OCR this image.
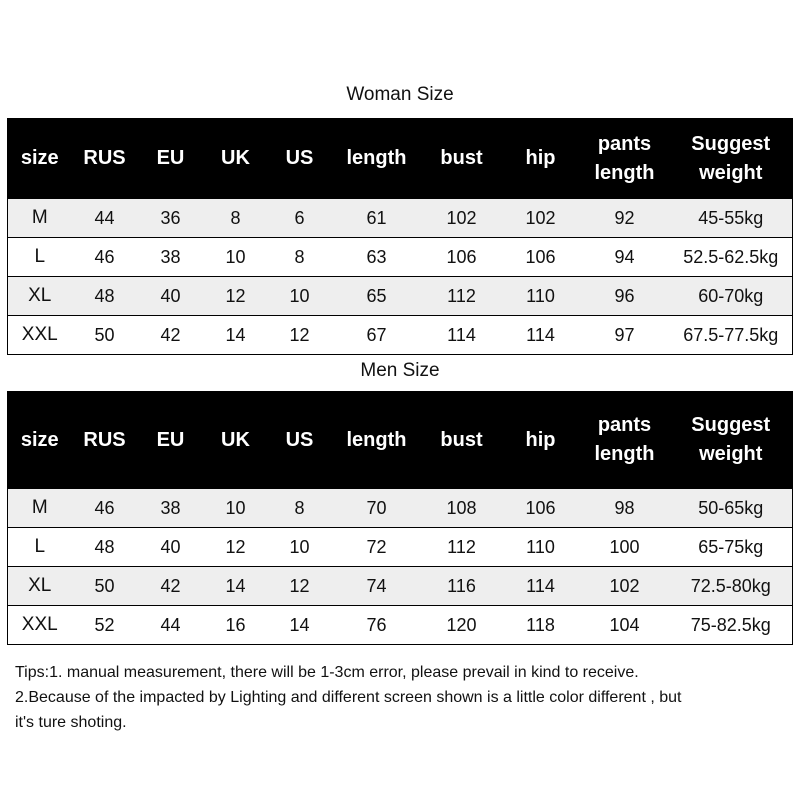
Woman Size
size	RUS	EU	UK	US	length	bust	hip	pants length	Suggest weight
M	44	36	8	6	61	102	102	92	45-55kg
L	46	38	10	8	63	106	106	94	52.5-62.5kg
XL	48	40	12	10	65	112	110	96	60-70kg
XXL	50	42	14	12	67	114	114	97	67.5-77.5kg
Men Size
size	RUS	EU	UK	US	length	bust	hip	pants length	Suggest weight
M	46	38	10	8	70	108	106	98	50-65kg
L	48	40	12	10	72	112	110	100	65-75kg
XL	50	42	14	12	74	116	114	102	72.5-80kg
XXL	52	44	16	14	76	120	118	104	75-82.5kg
Tips:1. manual measurement, there will be 1-3cm error, please prevail in kind to receive.
2.Because of the impacted by Lighting and different screen shown is a little color different , but
it's ture shoting.
